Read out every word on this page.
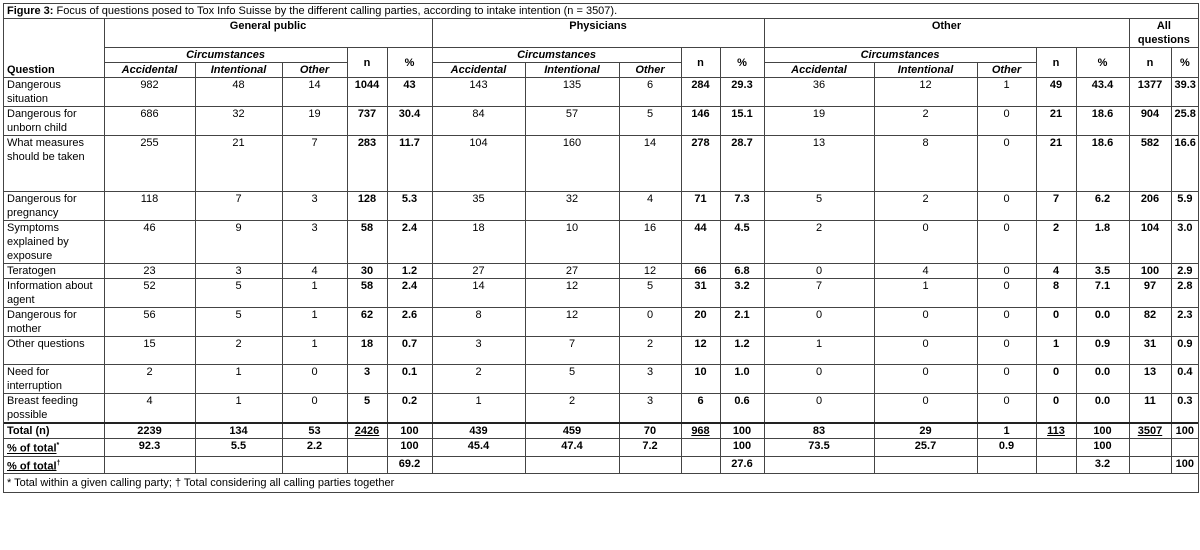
Figure 3: Focus of questions posed to Tox Info Suisse by the different calling parties, according to intake intention (n = 3507).																	
	General public					Physicians					Other					All questions	
	Circumstances			n	%	Circumstances			n	%	Circumstances			n	%	n	%
Question	Accidental	Intentional	Other			Accidental	Intentional	Other			Accidental	Intentional	Other				
Dangerous situation	982	48	14	1044	43	143	135	6	284	29.3	36	12	1	49	43.4	1377	39.3
Dangerous for unborn child	686	32	19	737	30.4	84	57	5	146	15.1	19	2	0	21	18.6	904	25.8
What measures should be taken	255	21	7	283	11.7	104	160	14	278	28.7	13	8	0	21	18.6	582	16.6
Dangerous for pregnancy	118	7	3	128	5.3	35	32	4	71	7.3	5	2	0	7	6.2	206	5.9
Symptoms explained by exposure	46	9	3	58	2.4	18	10	16	44	4.5	2	0	0	2	1.8	104	3.0
Teratogen	23	3	4	30	1.2	27	27	12	66	6.8	0	4	0	4	3.5	100	2.9
Information about agent	52	5	1	58	2.4	14	12	5	31	3.2	7	1	0	8	7.1	97	2.8
Dangerous for mother	56	5	1	62	2.6	8	12	0	20	2.1	0	0	0	0	0.0	82	2.3
Other questions	15	2	1	18	0.7	3	7	2	12	1.2	1	0	0	1	0.9	31	0.9
Need for interruption	2	1	0	3	0.1	2	5	3	10	1.0	0	0	0	0	0.0	13	0.4
Breast feeding possible	4	1	0	5	0.2	1	2	3	6	0.6	0	0	0	0	0.0	11	0.3
Total (n)	2239	134	53	2426	100	439	459	70	968	100	83	29	1	113	100	3507	100
% of total*	92.3	5.5	2.2		100	45.4	47.4	7.2		100	73.5	25.7	0.9		100		
% of total†					69.2					27.6					3.2		100
* Total within a given calling party; † Total considering all calling parties together																	
